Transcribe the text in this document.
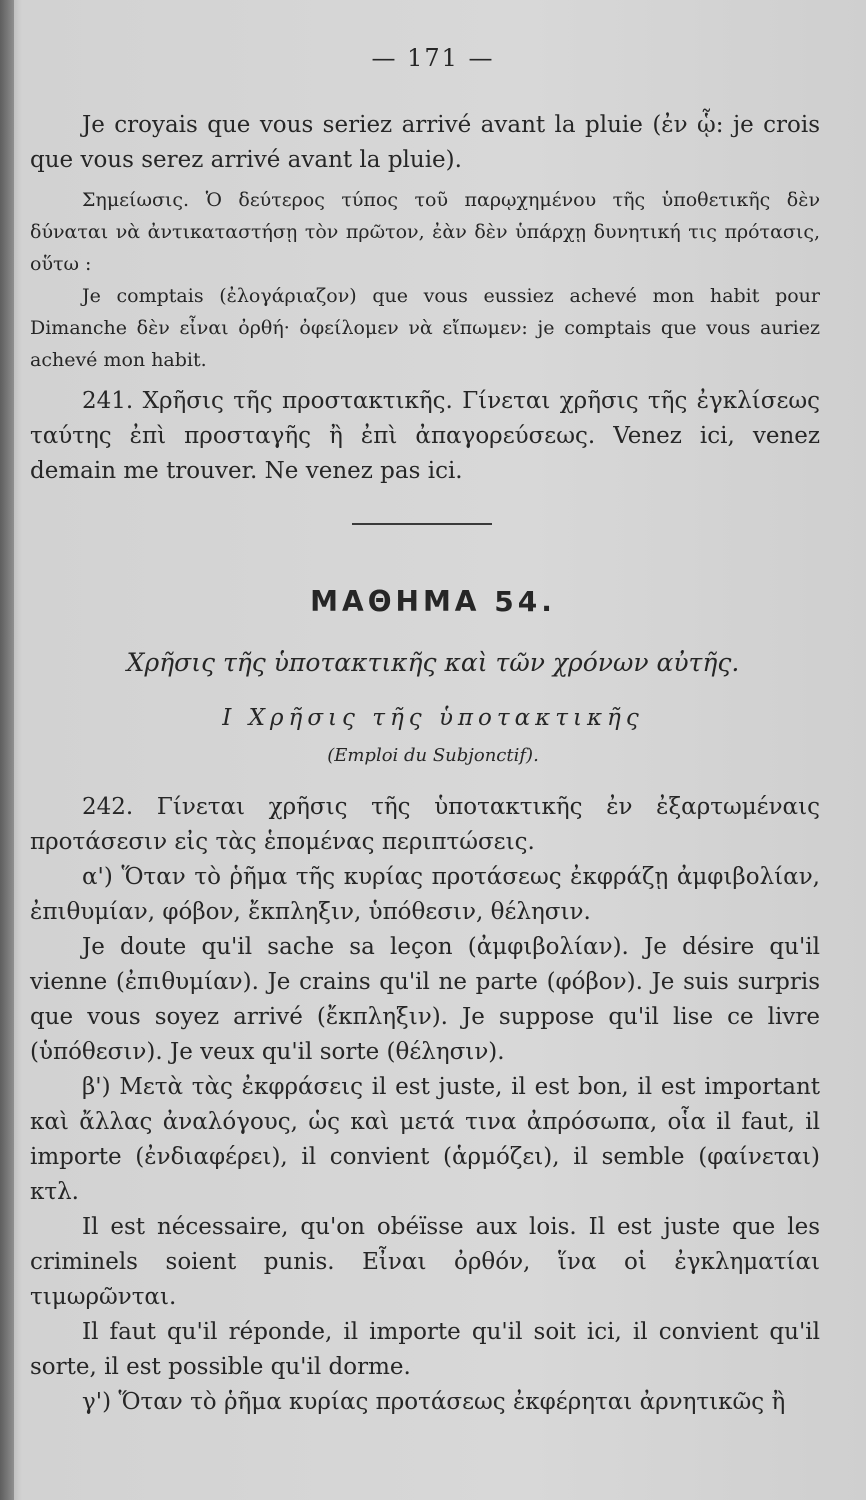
— 171 —

Je croyais que vous seriez arrivé avant la pluie (ἐν ᾧ: je crois que vous serez arrivé avant la pluie).

Σημείωσις. Ὁ δεύτερος τύπος τοῦ παρῳχημένου τῆς ὑποθετικῆς δὲν δύναται νὰ ἀντικαταστήσῃ τὸν πρῶτον, ἐὰν δὲν ὑπάρχῃ δυνητική τις πρότασις, οὕτω :

Je comptais (ἐλογάριαζον) que vous eussiez achevé mon habit pour Dimanche δὲν εἶναι ὀρθή· ὀφείλομεν νὰ εἴπωμεν: je comptais que vous auriez achevé mon habit.

241. Χρῆσις τῆς προστακτικῆς. Γίνεται χρῆσις τῆς ἐγκλίσεως ταύτης ἐπὶ προσταγῆς ἢ ἐπὶ ἀπαγορεύσεως. Venez ici, venez demain me trouver. Ne venez pas ici.

ΜΑΘΗΜΑ 54.
Χρῆσις τῆς ὑποτακτικῆς καὶ τῶν χρόνων αὐτῆς.
Ι Χρῆσις τῆς ὑποτακτικῆς
(Emploi du Subjonctif).

242. Γίνεται χρῆσις τῆς ὑποτακτικῆς ἐν ἐξαρτωμέναις προτάσεσιν εἰς τὰς ἑπομένας περιπτώσεις.

α') Ὅταν τὸ ῥῆμα τῆς κυρίας προτάσεως ἐκφράζῃ ἀμφιβολίαν, ἐπιθυμίαν, φόβον, ἔκπληξιν, ὑπόθεσιν, θέλησιν.

Je doute qu'il sache sa leçon (ἀμφιβολίαν). Je désire qu'il vienne (ἐπιθυμίαν). Je crains qu'il ne parte (φόβον). Je suis surpris que vous soyez arrivé (ἔκπληξιν). Je suppose qu'il lise ce livre (ὑπόθεσιν). Je veux qu'il sorte (θέλησιν).

β') Μετὰ τὰς ἐκφράσεις il est juste, il est bon, il est important καὶ ἄλλας ἀναλόγους, ὡς καὶ μετά τινα ἀπρόσωπα, οἷα il faut, il importe (ἐνδιαφέρει), il convient (ἁρμόζει), il semble (φαίνεται) κτλ.

Il est nécessaire, qu'on obéïsse aux lois. Il est juste que les criminels soient punis. Εἶναι ὀρθόν, ἵνα οἱ ἐγκληματίαι τιμωρῶνται.

Il faut qu'il réponde, il importe qu'il soit ici, il convient qu'il sorte, il est possible qu'il dorme.

γ') Ὅταν τὸ ῥῆμα κυρίας προτάσεως ἐκφέρηται ἀρνητικῶς ἢ
